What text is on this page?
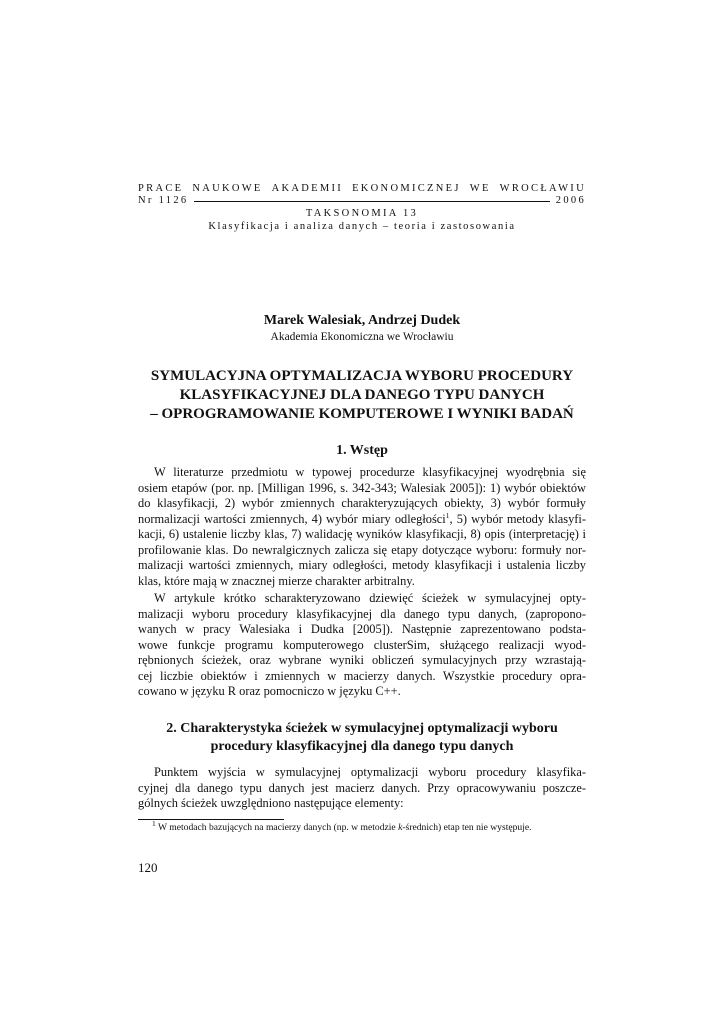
PRACE NAUKOWE AKADEMII EKONOMICZNEJ WE WROCŁAWIU
Nr 1126	2006
TAKSONOMIA 13
Klasyfikacja i analiza danych – teoria i zastosowania
Marek Walesiak, Andrzej Dudek
Akademia Ekonomiczna we Wrocławiu
SYMULACYJNA OPTYMALIZACJA WYBORU PROCEDURY
KLASYFIKACYJNEJ DLA DANEGO TYPU DANYCH
– OPROGRAMOWANIE KOMPUTEROWE I WYNIKI BADAŃ
1. Wstęp
W literaturze przedmiotu w typowej procedurze klasyfikacyjnej wyodrębnia się
osiem etapów (por. np. [Milligan 1996, s. 342-343; Walesiak 2005]): 1) wybór obiektów
do klasyfikacji, 2) wybór zmiennych charakteryzujących obiekty, 3) wybór formuły
normalizacji wartości zmiennych, 4) wybór miary odległości$^1$, 5) wybór metody klasyfi-
kacji, 6) ustalenie liczby klas, 7) walidację wyników klasyfikacji, 8) opis (interpretację) i
profilowanie klas. Do newralgicznych zalicza się etapy dotyczące wyboru: formuły nor-
malizacji wartości zmiennych, miary odległości, metody klasyfikacji i ustalenia liczby
klas, które mają w znacznej mierze charakter arbitralny.
W artykule krótko scharakteryzowano dziewięć ścieżek w symulacyjnej opty-
malizacji wyboru procedury klasyfikacyjnej dla danego typu danych, (zapropono-
wanych w pracy Walesiaka i Dudka [2005]). Następnie zaprezentowano podsta-
wowe funkcje programu komputerowego clusterSim, służącego realizacji wyod-
rębnionych ścieżek, oraz wybrane wyniki obliczeń symulacyjnych przy wzrastają-
cej liczbie obiektów i zmiennych w macierzy danych. Wszystkie procedury opra-
cowano w języku R oraz pomocniczo w języku C++.
2. Charakterystyka ścieżek w symulacyjnej optymalizacji wyboru
procedury klasyfikacyjnej dla danego typu danych
Punktem wyjścia w symulacyjnej optymalizacji wyboru procedury klasyfika-
cyjnej dla danego typu danych jest macierz danych. Przy opracowywaniu poszcze-
gólnych ścieżek uwzględniono następujące elementy:
$^1$ W metodach bazujących na macierzy danych (np. w metodzie k-średnich) etap ten nie występuje.
120
